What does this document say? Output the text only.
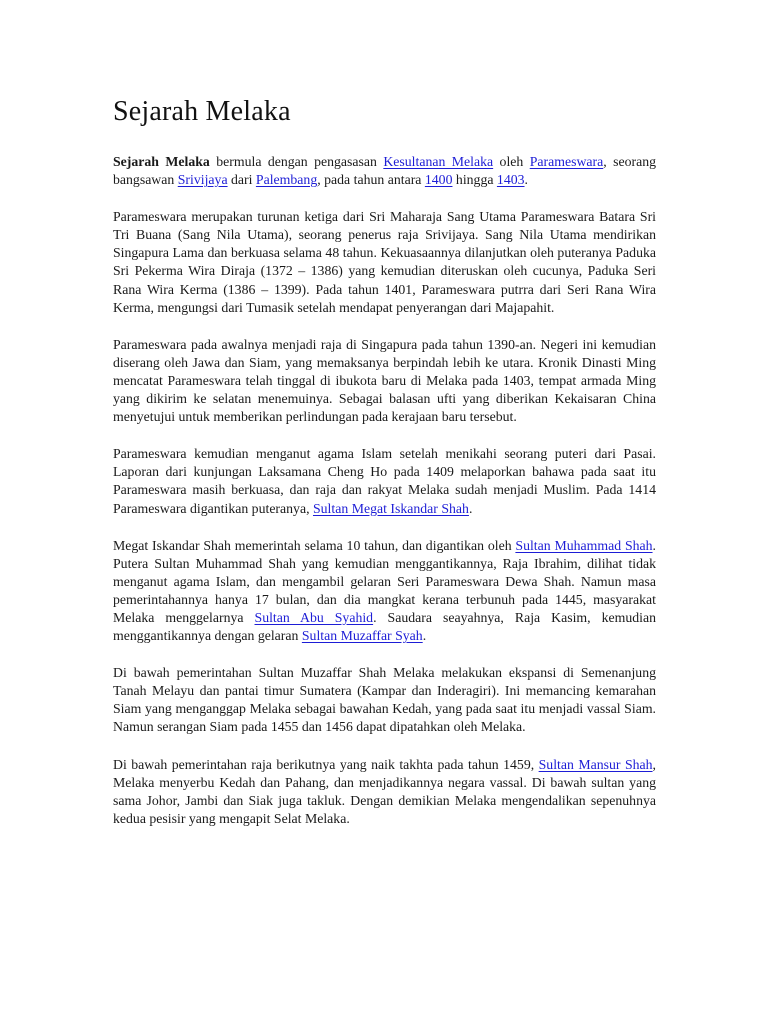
Sejarah Melaka

Sejarah Melaka bermula dengan pengasasan Kesultanan Melaka oleh Parameswara, seorang bangsawan Srivijaya dari Palembang, pada tahun antara 1400 hingga 1403.

Parameswara merupakan turunan ketiga dari Sri Maharaja Sang Utama Parameswara Batara Sri Tri Buana (Sang Nila Utama), seorang penerus raja Srivijaya. Sang Nila Utama mendirikan Singapura Lama dan berkuasa selama 48 tahun. Kekuasaannya dilanjutkan oleh puteranya Paduka Sri Pekerma Wira Diraja (1372 – 1386) yang kemudian diteruskan oleh cucunya, Paduka Seri Rana Wira Kerma (1386 – 1399). Pada tahun 1401, Parameswara putrra dari Seri Rana Wira Kerma, mengungsi dari Tumasik setelah mendapat penyerangan dari Majapahit.

Parameswara pada awalnya menjadi raja di Singapura pada tahun 1390-an. Negeri ini kemudian diserang oleh Jawa dan Siam, yang memaksanya berpindah lebih ke utara. Kronik Dinasti Ming mencatat Parameswara telah tinggal di ibukota baru di Melaka pada 1403, tempat armada Ming yang dikirim ke selatan menemuinya. Sebagai balasan ufti yang diberikan Kekaisaran China menyetujui untuk memberikan perlindungan pada kerajaan baru tersebut.

Parameswara kemudian menganut agama Islam setelah menikahi seorang puteri dari Pasai. Laporan dari kunjungan Laksamana Cheng Ho pada 1409 melaporkan bahawa pada saat itu Parameswara masih berkuasa, dan raja dan rakyat Melaka sudah menjadi Muslim. Pada 1414 Parameswara digantikan puteranya, Sultan Megat Iskandar Shah.

Megat Iskandar Shah memerintah selama 10 tahun, dan digantikan oleh Sultan Muhammad Shah. Putera Sultan Muhammad Shah yang kemudian menggantikannya, Raja Ibrahim, dilihat tidak menganut agama Islam, dan mengambil gelaran Seri Parameswara Dewa Shah. Namun masa pemerintahannya hanya 17 bulan, dan dia mangkat kerana terbunuh pada 1445, masyarakat Melaka menggelarnya Sultan Abu Syahid. Saudara seayahnya, Raja Kasim, kemudian menggantikannya dengan gelaran Sultan Muzaffar Syah.

Di bawah pemerintahan Sultan Muzaffar Shah Melaka melakukan ekspansi di Semenanjung Tanah Melayu dan pantai timur Sumatera (Kampar dan Inderagiri). Ini memancing kemarahan Siam yang menganggap Melaka sebagai bawahan Kedah, yang pada saat itu menjadi vassal Siam. Namun serangan Siam pada 1455 dan 1456 dapat dipatahkan oleh Melaka.

Di bawah pemerintahan raja berikutnya yang naik takhta pada tahun 1459, Sultan Mansur Shah, Melaka menyerbu Kedah dan Pahang, dan menjadikannya negara vassal. Di bawah sultan yang sama Johor, Jambi dan Siak juga takluk. Dengan demikian Melaka mengendalikan sepenuhnya kedua pesisir yang mengapit Selat Melaka.
